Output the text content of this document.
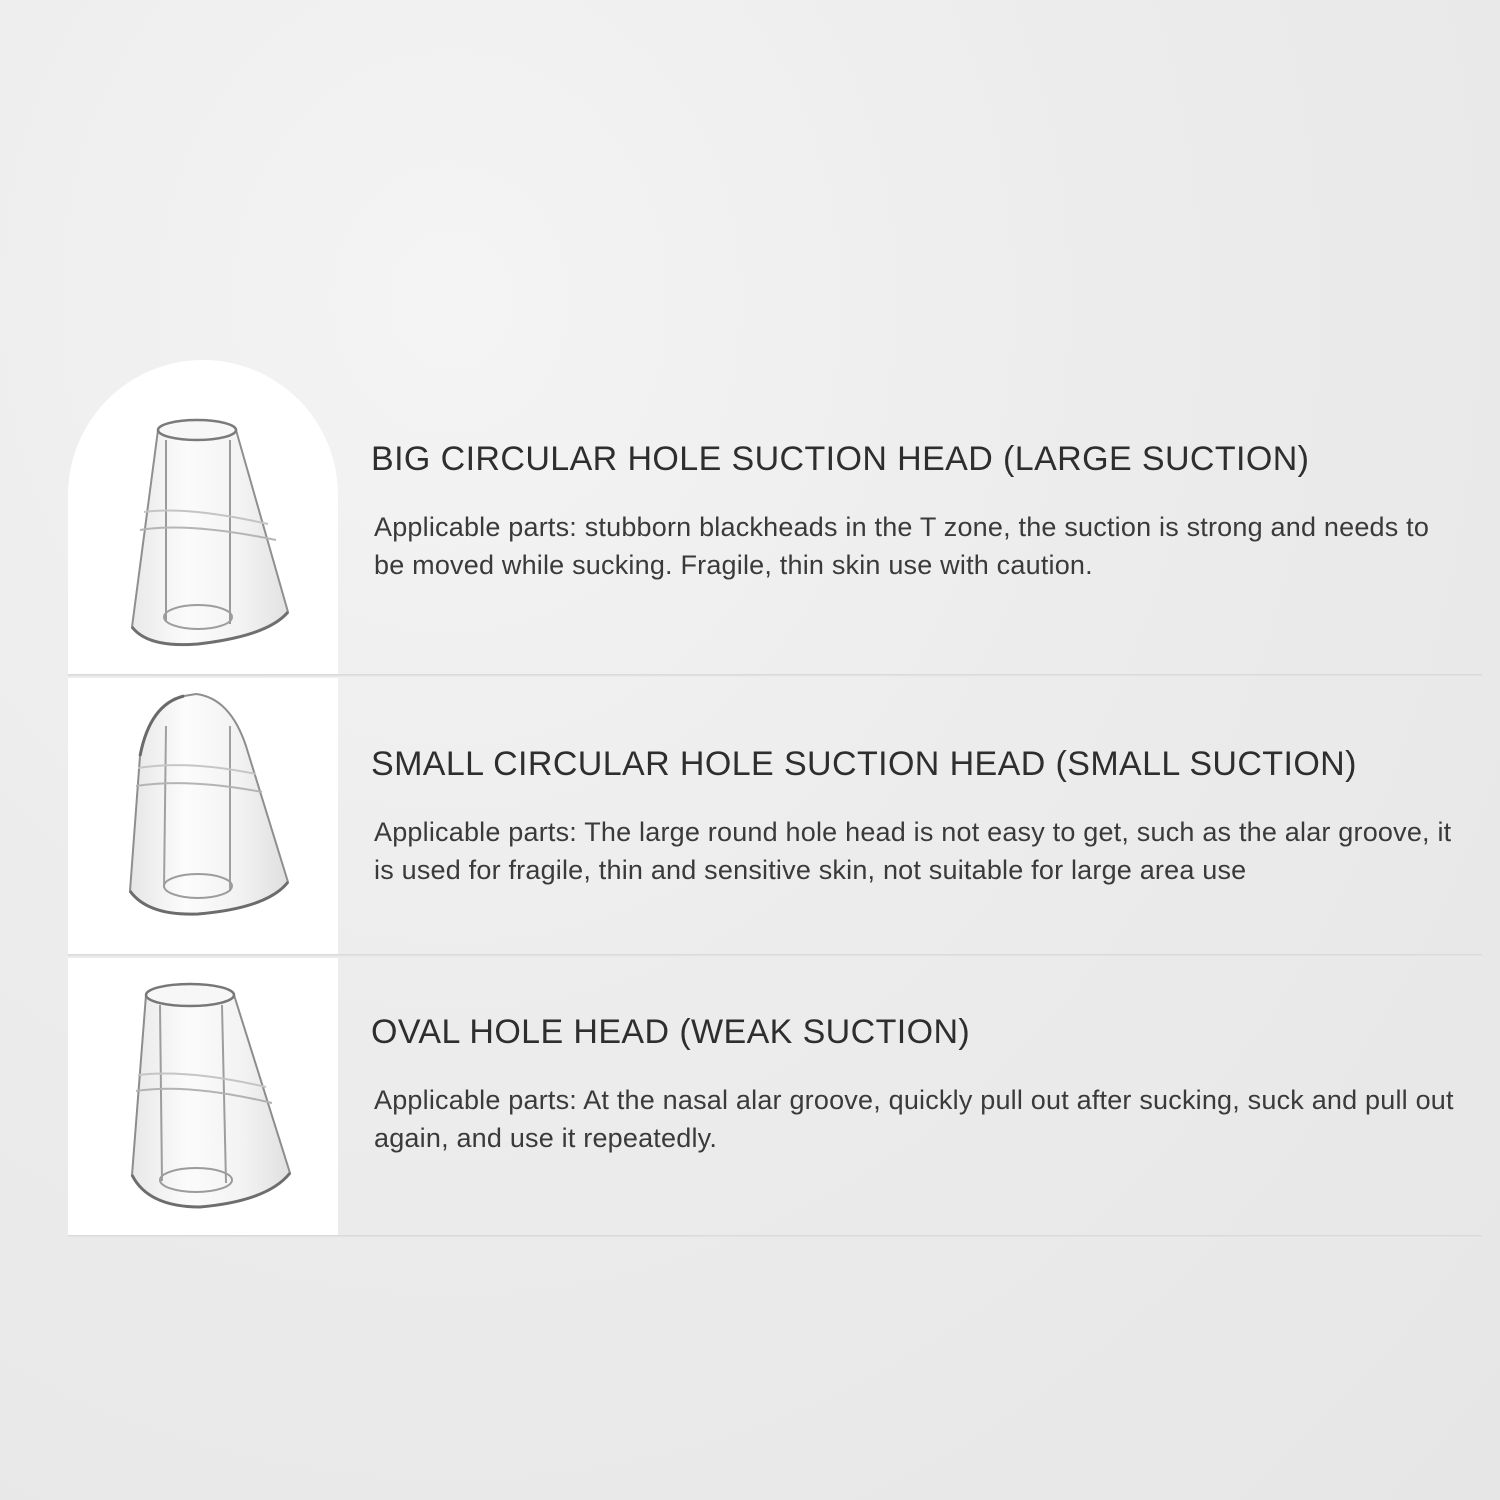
BIG CIRCULAR HOLE SUCTION HEAD (LARGE SUCTION)

Applicable parts: stubborn blackheads in the T zone, the suction is strong and needs to be moved while sucking. Fragile, thin skin use with caution.

SMALL CIRCULAR HOLE SUCTION HEAD (SMALL SUCTION)

Applicable parts: The large round hole head is not easy to get, such as the alar groove, it is used for fragile, thin and sensitive skin, not suitable for large area use

OVAL HOLE HEAD (WEAK SUCTION)

Applicable parts: At the nasal alar groove, quickly pull out after sucking, suck and pull out again, and use it repeatedly.
